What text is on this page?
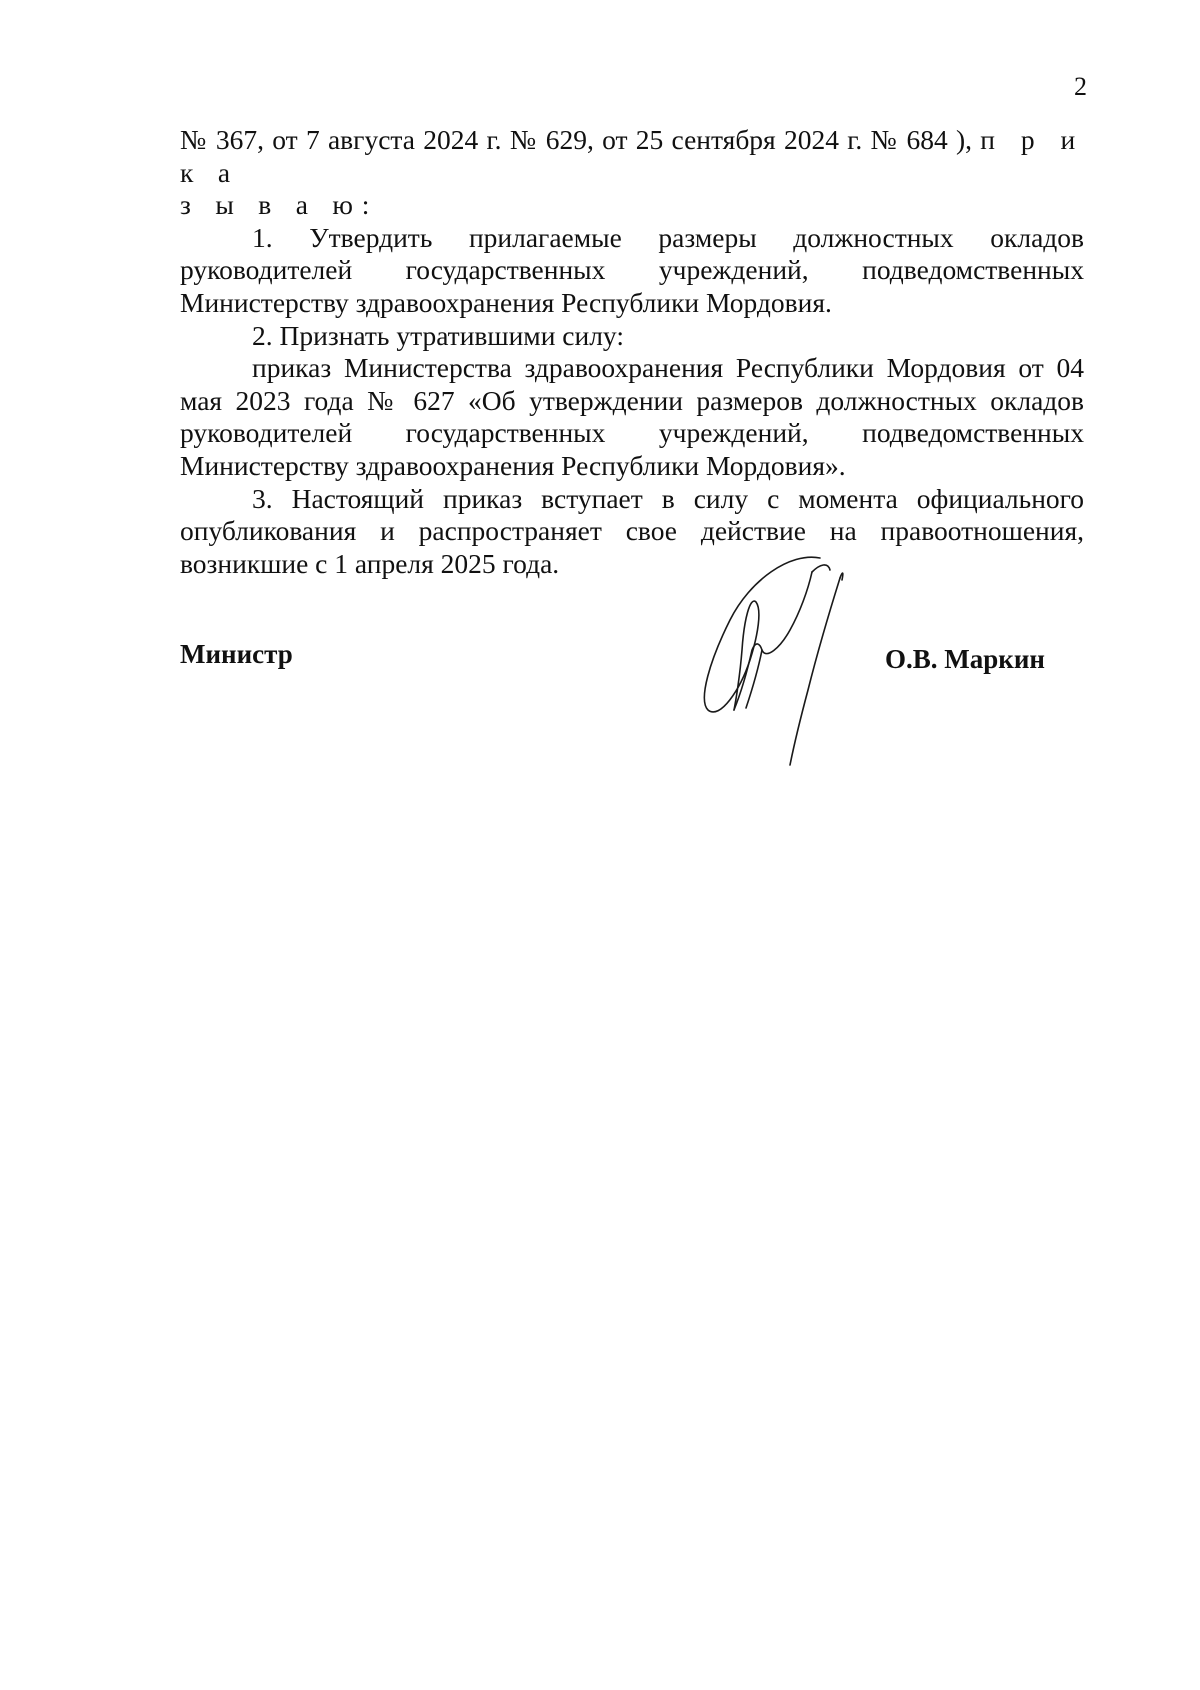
2

№ 367, от 7 августа 2024 г. № 629, от 25 сентября 2024 г. № 684 ), п р и к а
з ы в а ю:

1. Утвердить прилагаемые размеры должностных окладов руководителей государственных учреждений, подведомственных Министерству здравоохранения Республики Мордовия.

2. Признать утратившими силу:

приказ Министерства здравоохранения Республики Мордовия от 04 мая 2023 года № 627 «Об утверждении размеров должностных окладов руководителей государственных учреждений, подведомственных Министерству здравоохранения Республики Мордовия».

3. Настоящий приказ вступает в силу с момента официального опубликования и распространяет свое действие на правоотношения, возникшие с 1 апреля 2025 года.

Министр	О.В. Маркин
